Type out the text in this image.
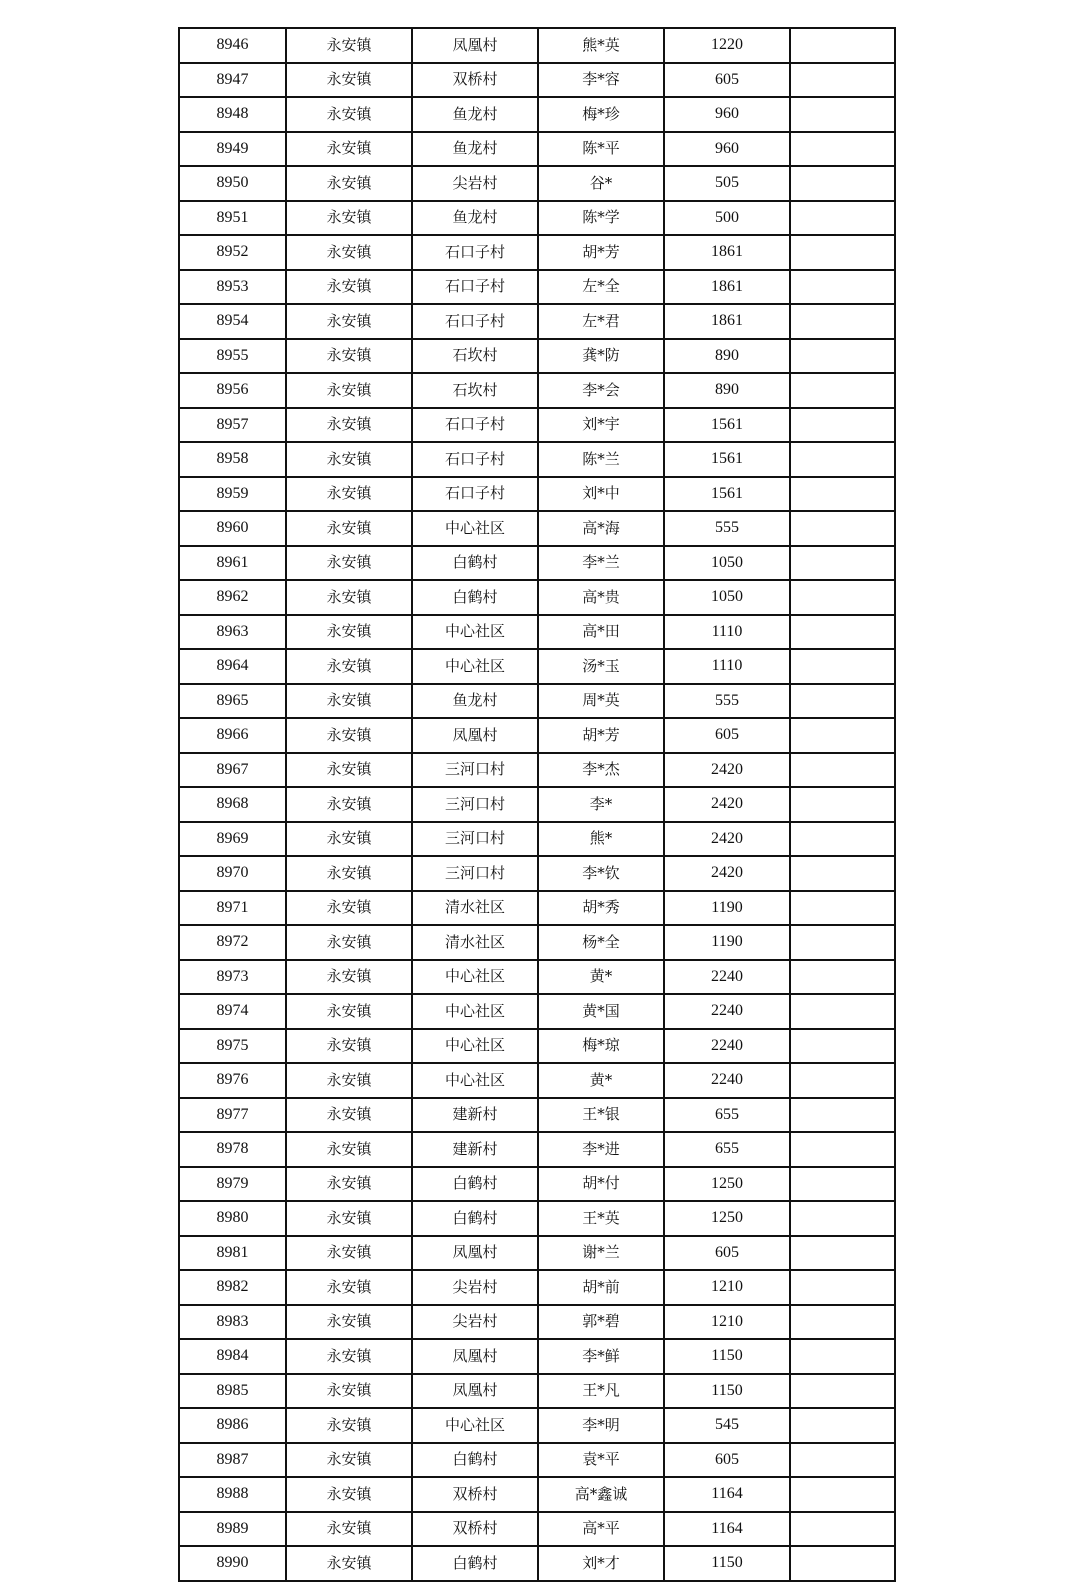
8946	永安镇	凤凰村	熊*英	1220	
8947	永安镇	双桥村	李*容	605	
8948	永安镇	鱼龙村	梅*珍	960	
8949	永安镇	鱼龙村	陈*平	960	
8950	永安镇	尖岩村	谷*	505	
8951	永安镇	鱼龙村	陈*学	500	
8952	永安镇	石口子村	胡*芳	1861	
8953	永安镇	石口子村	左*全	1861	
8954	永安镇	石口子村	左*君	1861	
8955	永安镇	石坎村	龚*防	890	
8956	永安镇	石坎村	李*会	890	
8957	永安镇	石口子村	刘*宇	1561	
8958	永安镇	石口子村	陈*兰	1561	
8959	永安镇	石口子村	刘*中	1561	
8960	永安镇	中心社区	高*海	555	
8961	永安镇	白鹤村	李*兰	1050	
8962	永安镇	白鹤村	高*贵	1050	
8963	永安镇	中心社区	高*田	1110	
8964	永安镇	中心社区	汤*玉	1110	
8965	永安镇	鱼龙村	周*英	555	
8966	永安镇	凤凰村	胡*芳	605	
8967	永安镇	三河口村	李*杰	2420	
8968	永安镇	三河口村	李*	2420	
8969	永安镇	三河口村	熊*	2420	
8970	永安镇	三河口村	李*钦	2420	
8971	永安镇	清水社区	胡*秀	1190	
8972	永安镇	清水社区	杨*全	1190	
8973	永安镇	中心社区	黄*	2240	
8974	永安镇	中心社区	黄*国	2240	
8975	永安镇	中心社区	梅*琼	2240	
8976	永安镇	中心社区	黄*	2240	
8977	永安镇	建新村	王*银	655	
8978	永安镇	建新村	李*进	655	
8979	永安镇	白鹤村	胡*付	1250	
8980	永安镇	白鹤村	王*英	1250	
8981	永安镇	凤凰村	谢*兰	605	
8982	永安镇	尖岩村	胡*前	1210	
8983	永安镇	尖岩村	郭*碧	1210	
8984	永安镇	凤凰村	李*鲜	1150	
8985	永安镇	凤凰村	王*凡	1150	
8986	永安镇	中心社区	李*明	545	
8987	永安镇	白鹤村	袁*平	605	
8988	永安镇	双桥村	高*鑫诚	1164	
8989	永安镇	双桥村	高*平	1164	
8990	永安镇	白鹤村	刘*才	1150	
